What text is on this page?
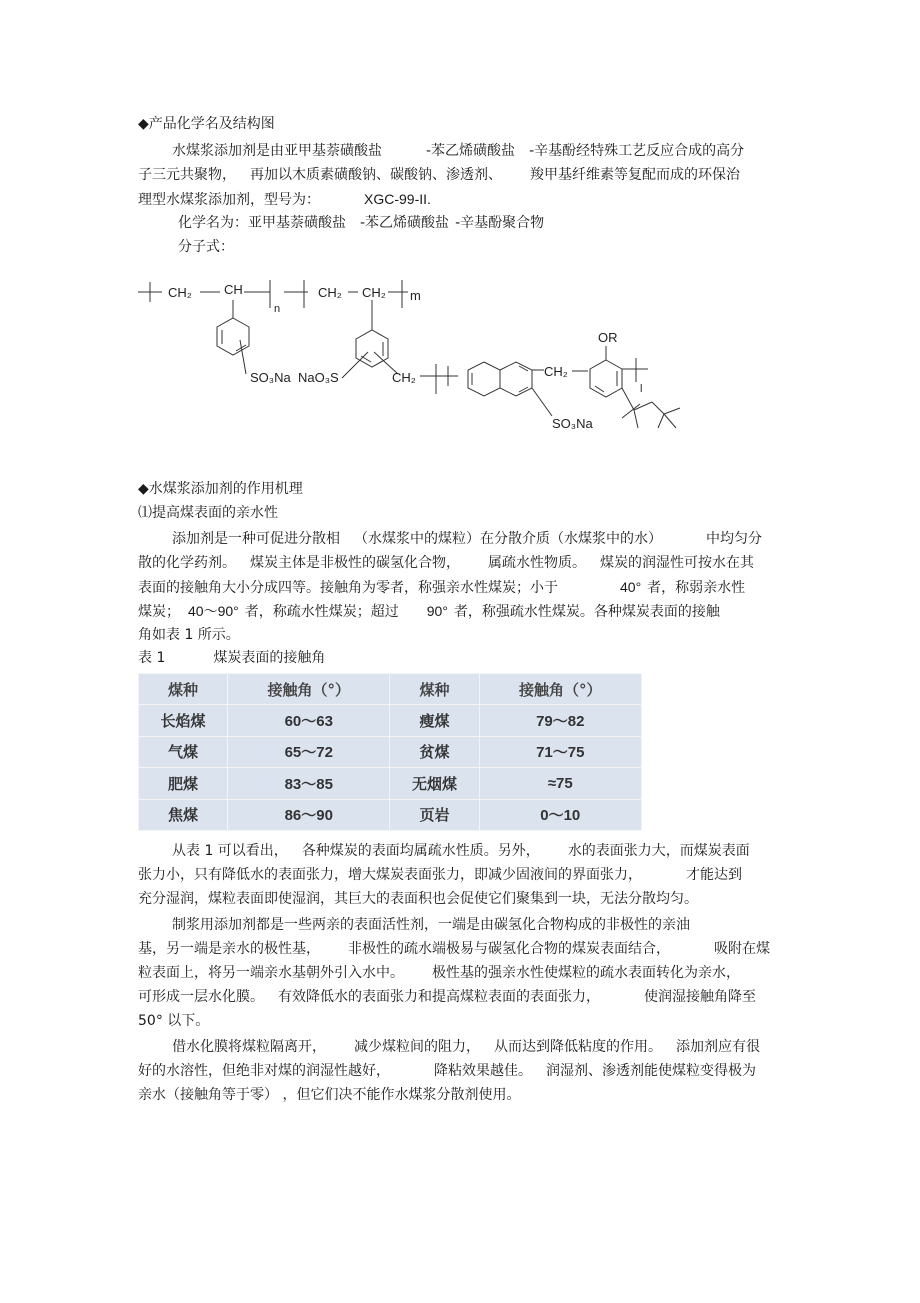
◆产品化学名及结构图
水煤浆添加剂是由亚甲基萘磺酸盐	-苯乙烯磺酸盐 -辛基酚经特殊工艺反应合成的高分
子三元共聚物， 再加以木质素磺酸钠、碳酸钠、渗透剂、 羧甲基纤维素等复配而成的环保治
理型水煤浆添加剂，型号为：	XGC-99-II.
化学名为：亚甲基萘磺酸盐 -苯乙烯磺酸盐 -辛基酚聚合物
分子式：
CH₂ CH
n
CH₂ CH₂ m
SO₃Na NaO₃S	CH₂	CH₂
SO₃Na
OR
l
◆水煤浆添加剂的作用机理
⑴提高煤表面的亲水性
添加剂是一种可促进分散相 （水煤浆中的煤粒）在分散介质（水煤浆中的水）	中均匀分
散的化学药剂。 煤炭主体是非极性的碳氢化合物， 属疏水性物质。 煤炭的润湿性可按水在其
表面的接触角大小分成四等。接触角为零者，称强亲水性煤炭；小于	40° 者，称弱亲水性
煤炭； 40～90° 者，称疏水性煤炭；超过 90° 者，称强疏水性煤炭。各种煤炭表面的接触
角如表 1 所示。
表 1	煤炭表面的接触角
煤种	接触角（°）	煤种	接触角（°）
长焰煤	60～63	瘦煤	79～82
气煤	65～72	贫煤	71～75
肥煤	83～85	无烟煤	≈75
焦煤	86～90	页岩	0～10
从表 1 可以看出， 各种煤炭的表面均属疏水性质。另外， 水的表面张力大，而煤炭表面
张力小，只有降低水的表面张力，增大煤炭表面张力，即减少固液间的界面张力，	才能达到
充分湿润，煤粒表面即使湿润，其巨大的表面积也会促使它们聚集到一块，无法分散均匀。
制浆用添加剂都是一些两亲的表面活性剂，一端是由碳氢化合物构成的非极性的亲油
基，另一端是亲水的极性基， 非极性的疏水端极易与碳氢化合物的煤炭表面结合，	吸附在煤
粒表面上，将另一端亲水基朝外引入水中。 极性基的强亲水性使煤粒的疏水表面转化为亲水，
可形成一层水化膜。 有效降低水的表面张力和提高煤粒表面的表面张力，	使润湿接触角降至
50° 以下。
借水化膜将煤粒隔离开， 减少煤粒间的阻力， 从而达到降低粘度的作用。 添加剂应有很
好的水溶性，但绝非对煤的润湿性越好，	降粘效果越佳。 润湿剂、渗透剂能使煤粒变得极为
亲水（接触角等于零） ，但它们决不能作水煤浆分散剂使用。
